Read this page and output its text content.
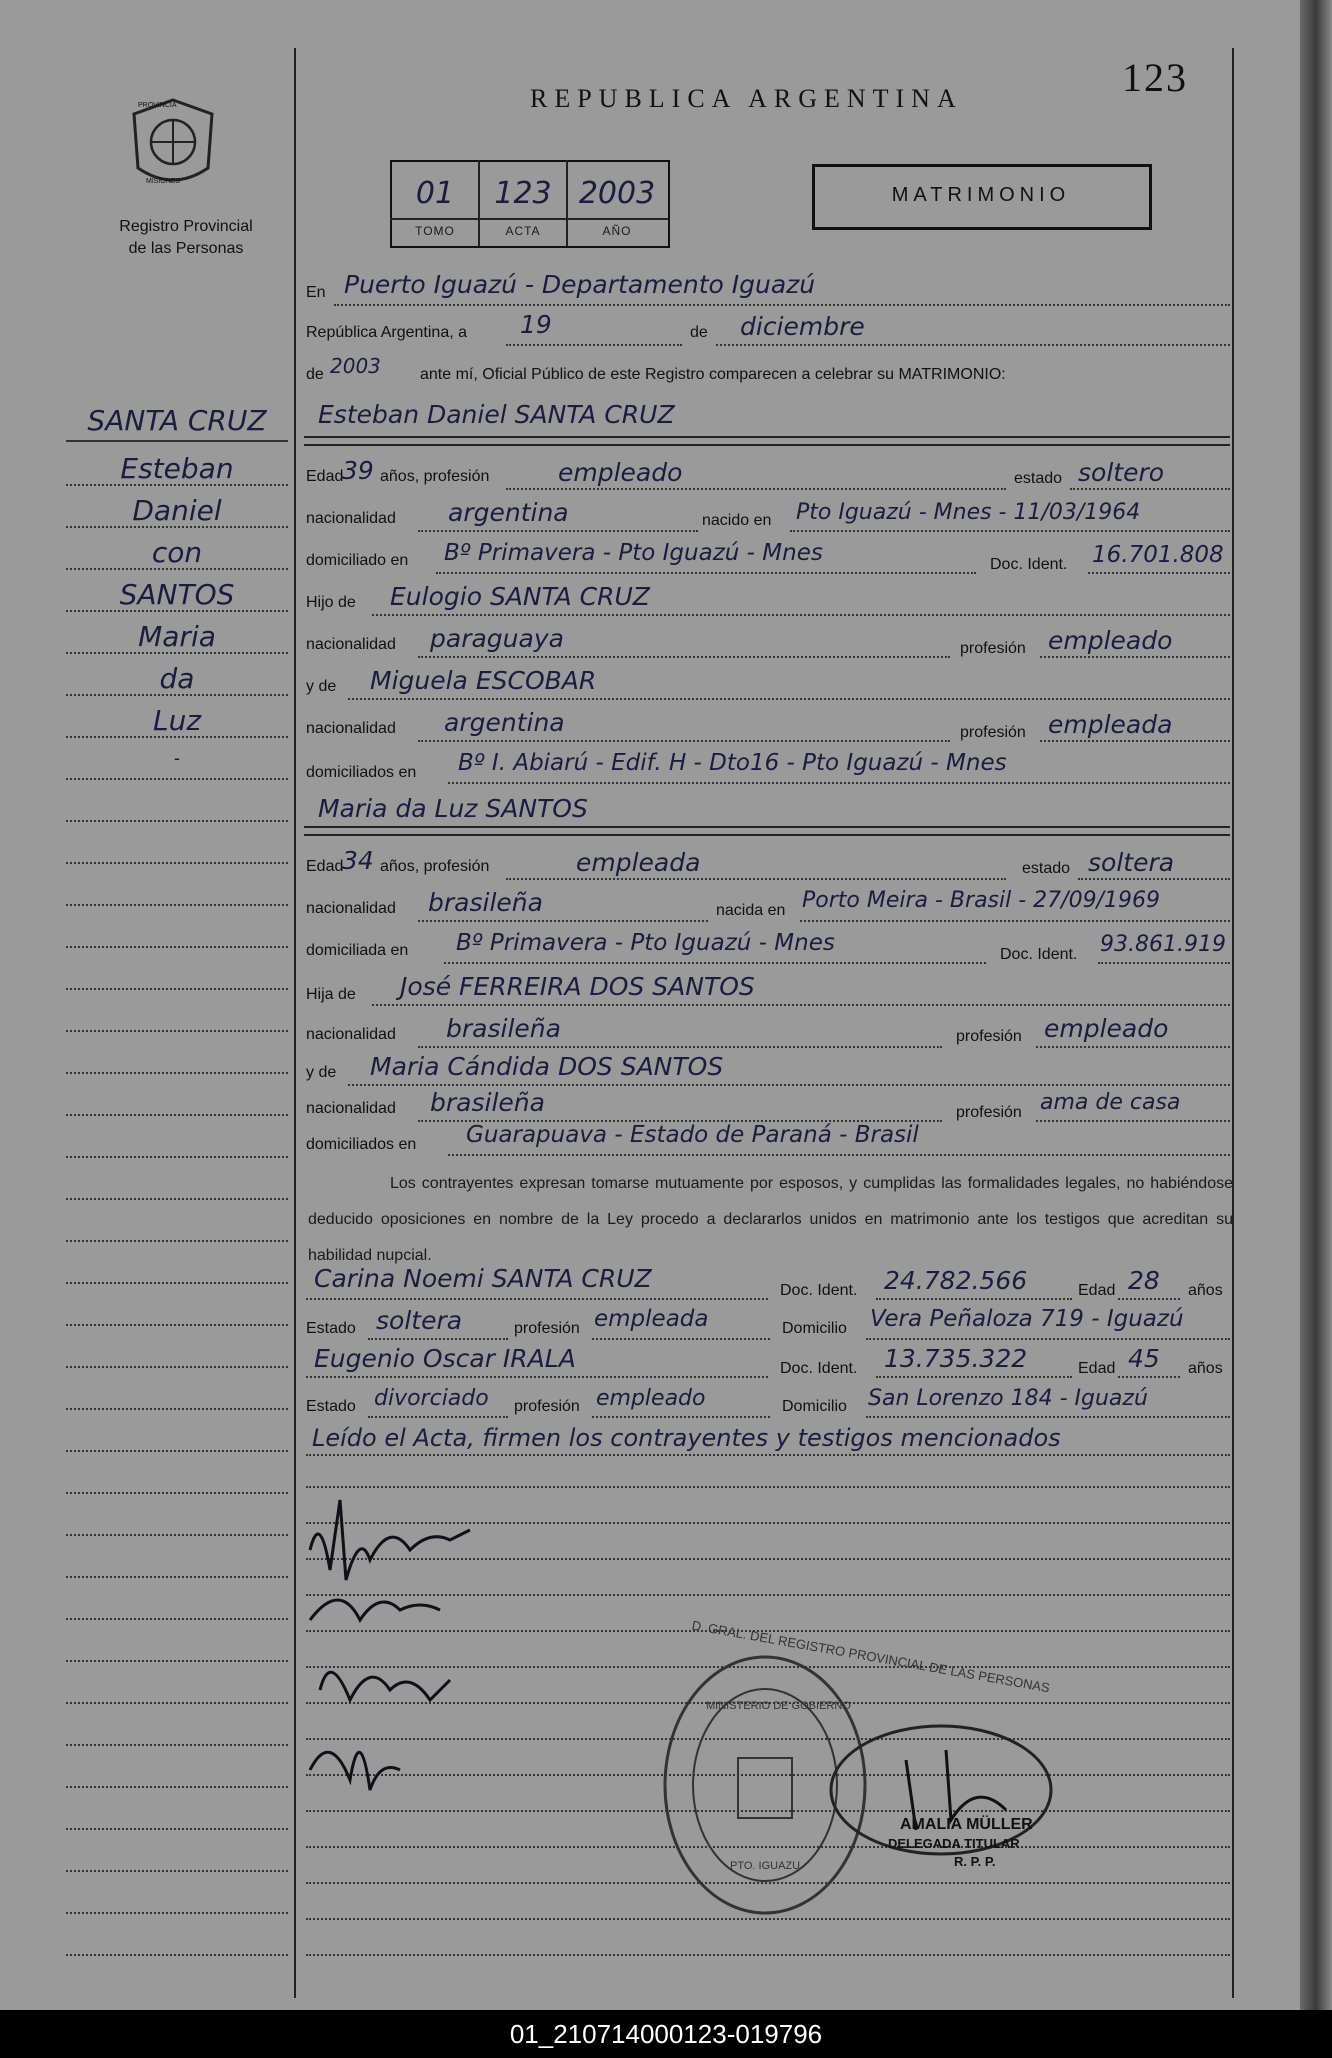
PROVINCIA
MISIONES
Registro Provincial
de las Personas
REPUBLICA ARGENTINA	123
01	123 2003
TOMO	ACTA	AÑO
MATRIMONIO
SANTA CRUZ
Esteban
Daniel
con
SANTOS
Maria
da
Luz
-
En Puerto Iguazú - Departamento Iguazú
República Argentina, a 19	de diciembre
de 2003 ante mí, Oficial Público de este Registro comparecen a celebrar su MATRIMONIO:
Esteban Daniel SANTA CRUZ
Edad
39 años, profesión	empleado	estado soltero
nacionalidad argentina	nacido en Pto Iguazú - Mnes - 11/03/1964
domiciliado en Bº Primavera - Pto Iguazú - Mnes	Doc. Ident. 16.701.808
Hijo de Eulogio SANTA CRUZ
nacionalidad paraguaya	profesión empleado
y de Miguela ESCOBAR
nacionalidad argentina	profesión empleada
domiciliados en Bº I. Abiarú - Edif. H - Dto16 - Pto Iguazú - Mnes
Maria da Luz SANTOS
Edad
34 años, profesión	empleada	estado soltera
nacionalidad brasileña	nacida en Porto Meira - Brasil - 27/09/1969
domiciliada en Bº Primavera - Pto Iguazú - Mnes	Doc. Ident. 93.861.919
Hija de José FERREIRA DOS SANTOS
nacionalidad brasileña	profesión empleado
y de Maria Cándida DOS SANTOS
nacionalidad brasileña	profesión ama de casa
domiciliados en Guarapuava - Estado de Paraná - Brasil
Los contrayentes expresan tomarse mutuamente por esposos, y cumplidas las formalidades legales, no habiéndose deducido oposiciones en nombre de la Ley procedo a declararlos unidos en matrimonio ante los testigos que acreditan su habilidad nupcial.
Carina Noemi SANTA CRUZ	Doc. Ident. 24.782.566	Edad 28 años
Estado soltera	profesión empleada	Domicilio Vera Peñaloza 719 - Iguazú
Eugenio Oscar IRALA	Doc. Ident. 13.735.322	Edad 45 años
Estado divorciado profesión empleado	Domicilio San Lorenzo 184 - Iguazú
Leído el Acta, firmen los contrayentes y testigos mencionados
D. GRAL. DEL REGISTRO PROVINCIAL DE LAS PERSONAS
MINISTERIO DE GOBIERNO
PTO. IGUAZU
AMALIA MÜLLER
DELEGADA TITULAR
R. P. P.
01_210714000123-019796
